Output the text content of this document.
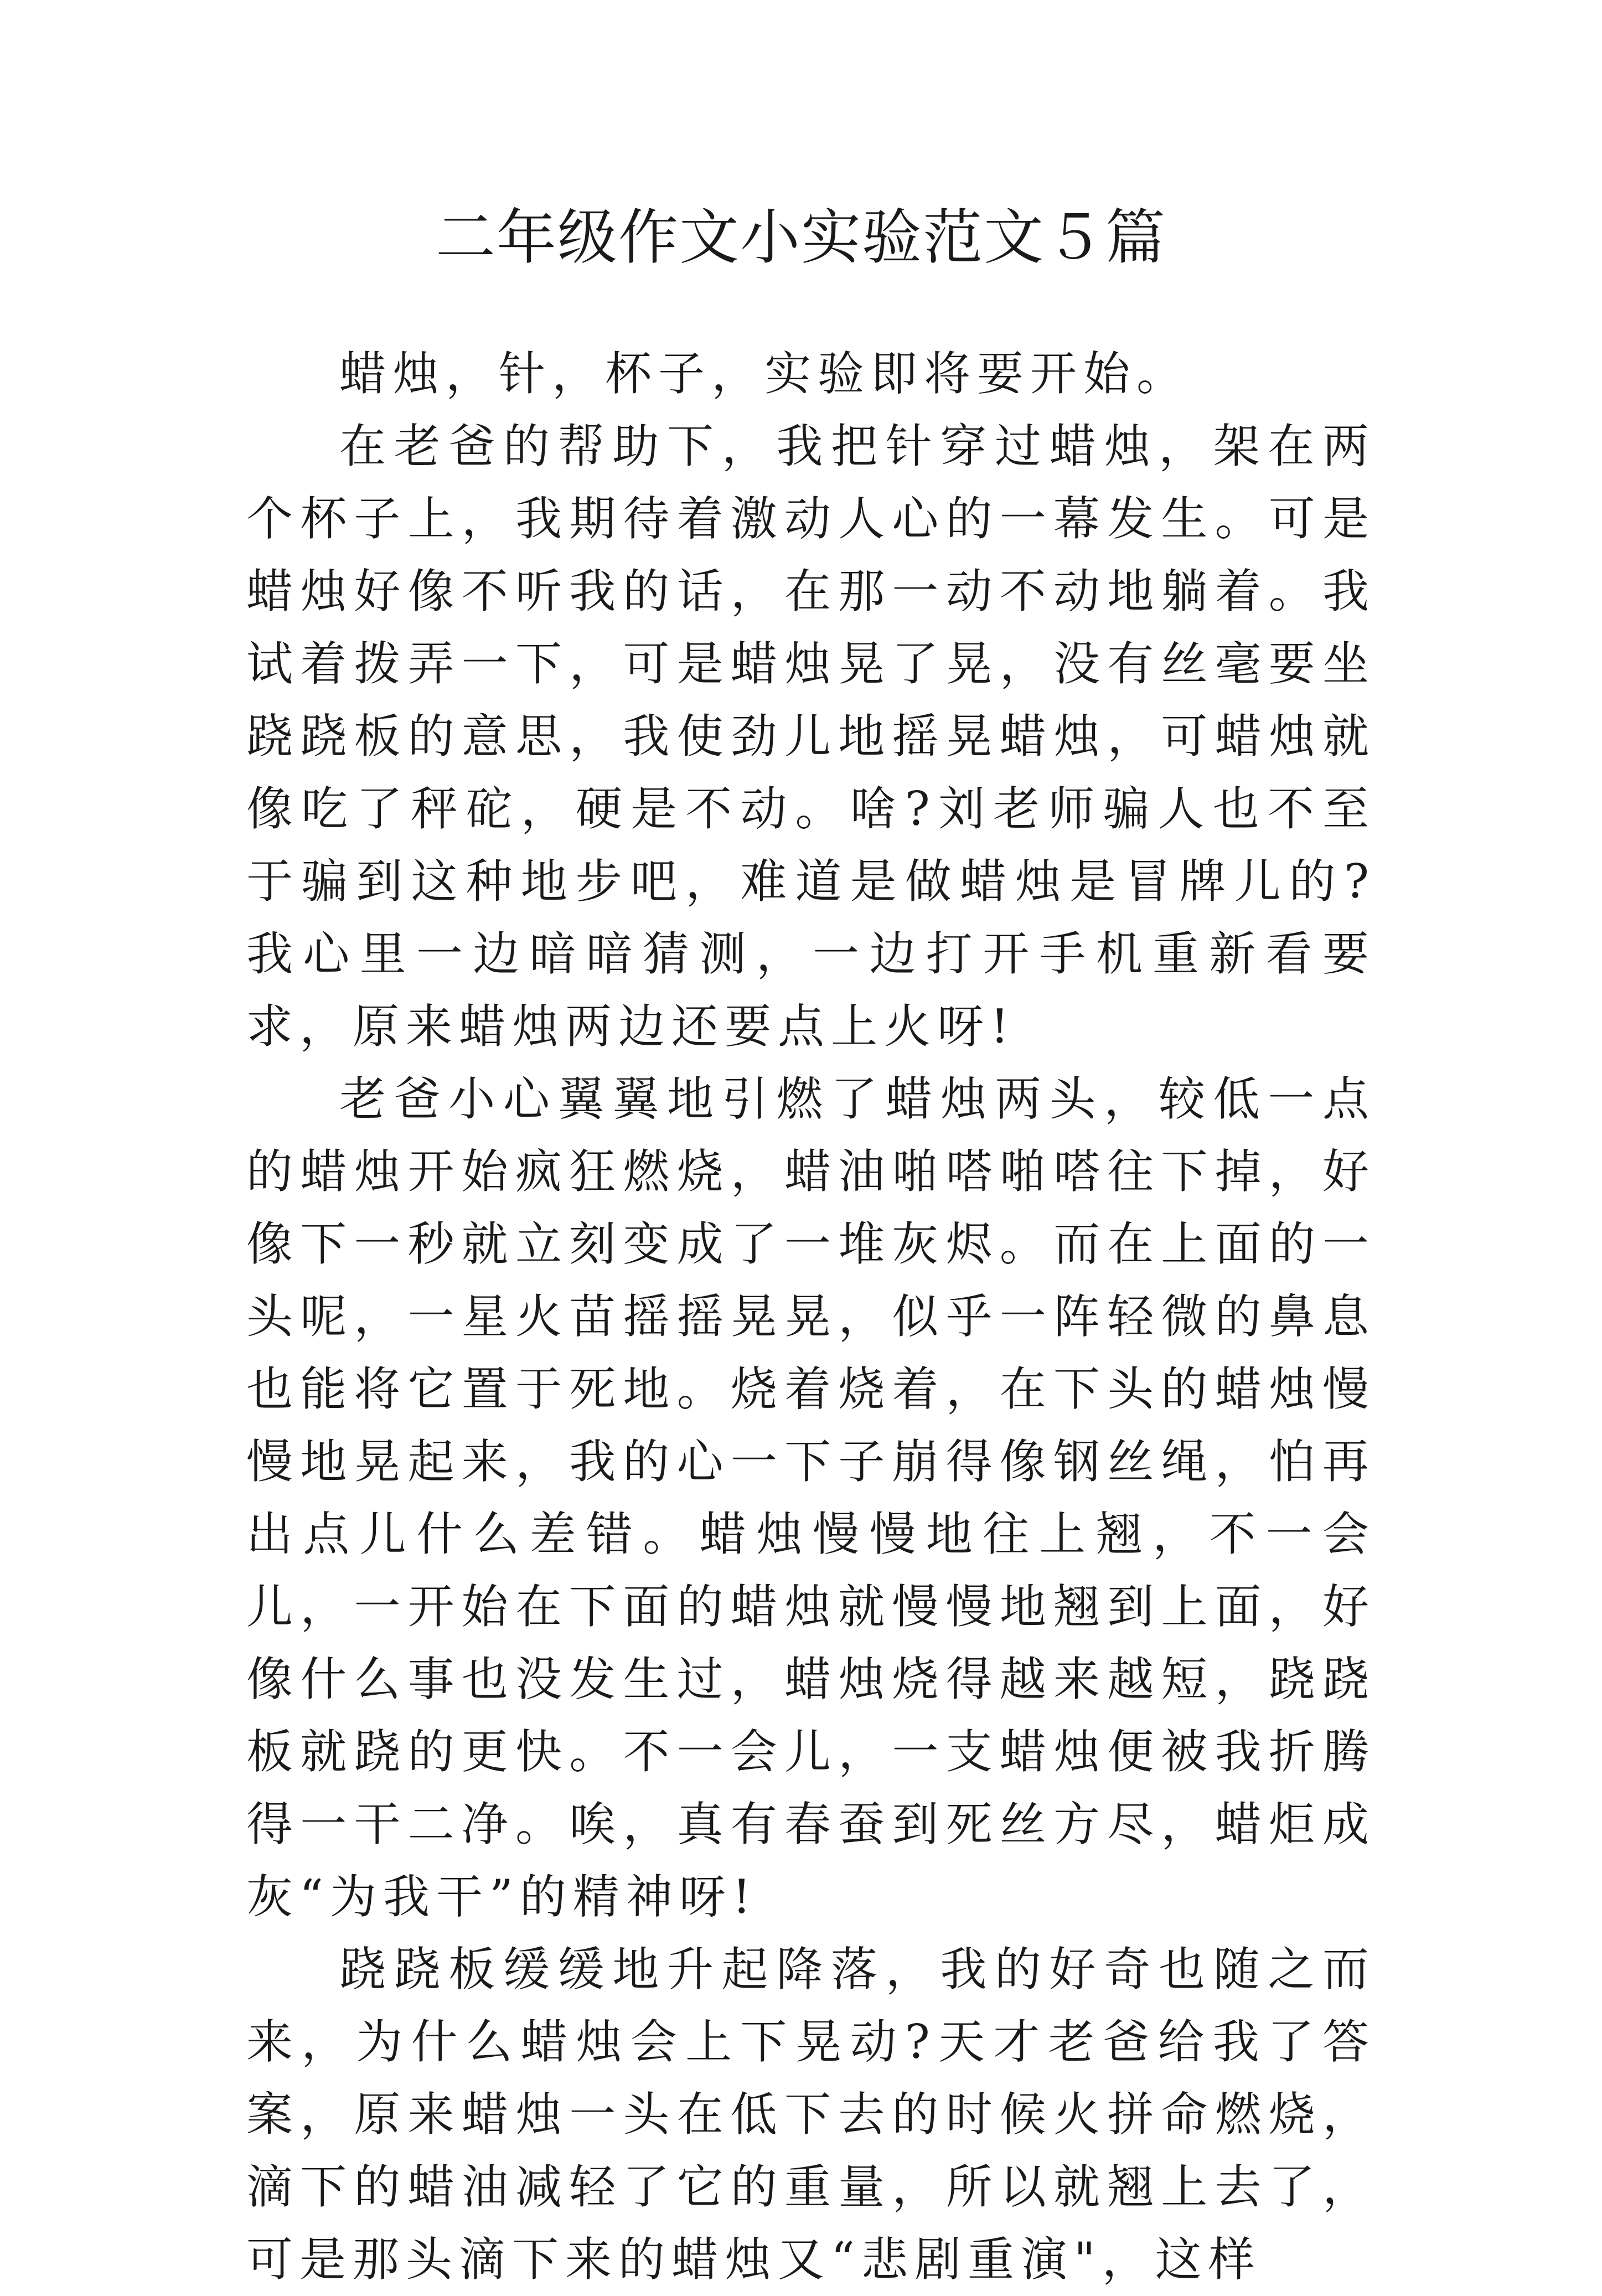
二年级作文小实验范文５篇

蜡烛，针，杯子，实验即将要开始。

在老爸的帮助下，我把针穿过蜡烛，架在两个杯子上，我期待着激动人心的一幕发生。可是蜡烛好像不听我的话，在那一动不动地躺着。我试着拨弄一下，可是蜡烛晃了晃，没有丝毫要坐跷跷板的意思，我使劲儿地摇晃蜡烛，可蜡烛就像吃了秤砣，硬是不动。啥?刘老师骗人也不至于骗到这种地步吧，难道是做蜡烛是冒牌儿的?我心里一边暗暗猜测，一边打开手机重新看要求，原来蜡烛两边还要点上火呀!

老爸小心翼翼地引燃了蜡烛两头，较低一点的蜡烛开始疯狂燃烧，蜡油啪嗒啪嗒往下掉，好像下一秒就立刻变成了一堆灰烬。而在上面的一头呢，一星火苗摇摇晃晃，似乎一阵轻微的鼻息也能将它置于死地。烧着烧着，在下头的蜡烛慢慢地晃起来，我的心一下子崩得像钢丝绳，怕再出点儿什么差错。蜡烛慢慢地往上翘，不一会儿，一开始在下面的蜡烛就慢慢地翘到上面，好像什么事也没发生过，蜡烛烧得越来越短，跷跷板就跷的更快。不一会儿，一支蜡烛便被我折腾得一干二净。唉，真有春蚕到死丝方尽，蜡炬成灰“为我干”的精神呀!

跷跷板缓缓地升起降落，我的好奇也随之而来，为什么蜡烛会上下晃动?天才老爸给我了答案，原来蜡烛一头在低下去的时候火拼命燃烧，滴下的蜡油减轻了它的重量，所以就翘上去了，可是那头滴下来的蜡烛又“悲剧重演"，这样
